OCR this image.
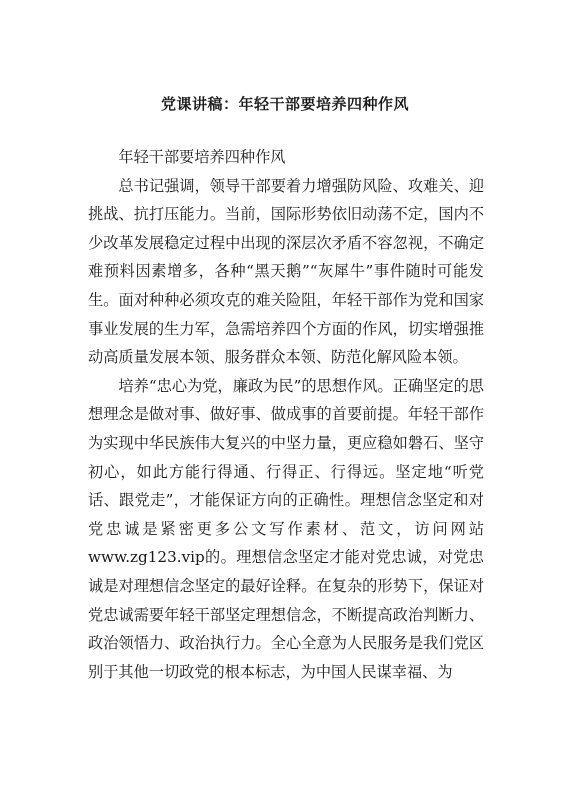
党课讲稿：年轻干部要培养四种作风

年轻干部要培养四种作风

总书记强调，领导干部要着力增强防风险、攻难关、迎挑战、抗打压能力。当前，国际形势依旧动荡不定，国内不少改革发展稳定过程中出现的深层次矛盾不容忽视，不确定难预料因素增多，各种“黑天鹅”“灰犀牛”事件随时可能发生。面对种种必须攻克的难关险阻，年轻干部作为党和国家事业发展的生力军，急需培养四个方面的作风，切实增强推动高质量发展本领、服务群众本领、防范化解风险本领。

培养“忠心为党，廉政为民”的思想作风。正确坚定的思想理念是做对事、做好事、做成事的首要前提。年轻干部作为实现中华民族伟大复兴的中坚力量，更应稳如磐石、坚守初心，如此方能行得通、行得正、行得远。坚定地“听党话、跟党走”，才能保证方向的正确性。理想信念坚定和对党忠诚是紧密更多公文写作素材、范文，访问网站www.zg123.vip的。理想信念坚定才能对党忠诚，对党忠诚是对理想信念坚定的最好诠释。在复杂的形势下，保证对党忠诚需要年轻干部坚定理想信念，不断提高政治判断力、政治领悟力、政治执行力。全心全意为人民服务是我们党区别于其他一切政党的根本标志，为中国人民谋幸福、为
